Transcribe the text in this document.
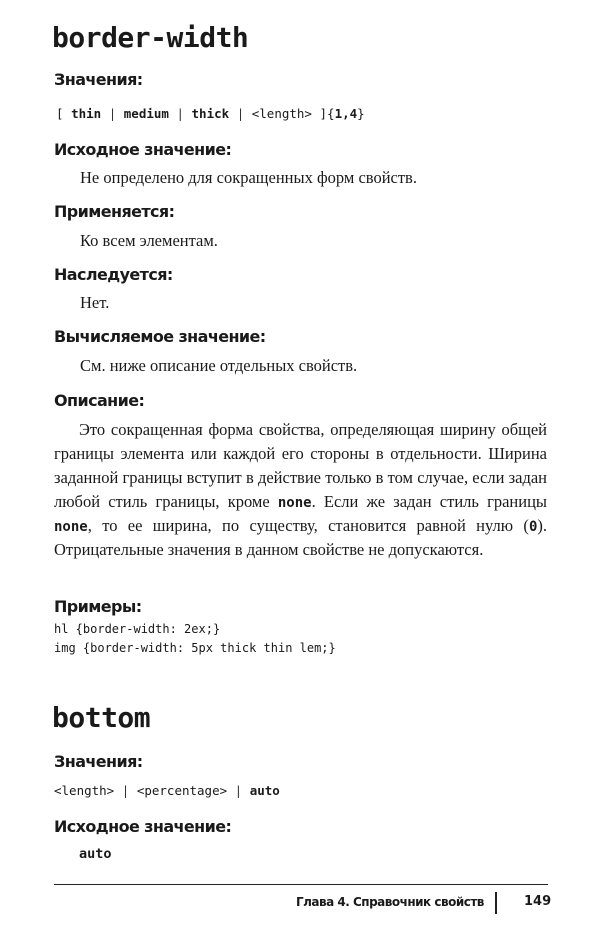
border-width
Значения:
[ thin | medium | thick | <length> ]{1,4}
Исходное значение:
Не определено для сокращенных форм свойств.
Применяется:
Ко всем элементам.
Наследуется:
Нет.
Вычисляемое значение:
См. ниже описание отдельных свойств.
Описание:

Это сокращенная форма свойства, определяющая ширину общей границы элемента или каждой его стороны в отдельности. Ширина заданной границы вступит в действие только в том случае, если задан любой стиль границы, кроме none. Если же задан стиль границы none, то ее ширина, по существу, становится равной нулю (0). Отрицательные значения в данном свойстве не допускаются.

Примеры:
hl {border-width: 2ex;}
img {border-width: 5px thick thin lem;}
bottom
Значения:
<length> | <percentage> | auto
Исходное значение:
auto
Глава 4. Справочник свойств	149
